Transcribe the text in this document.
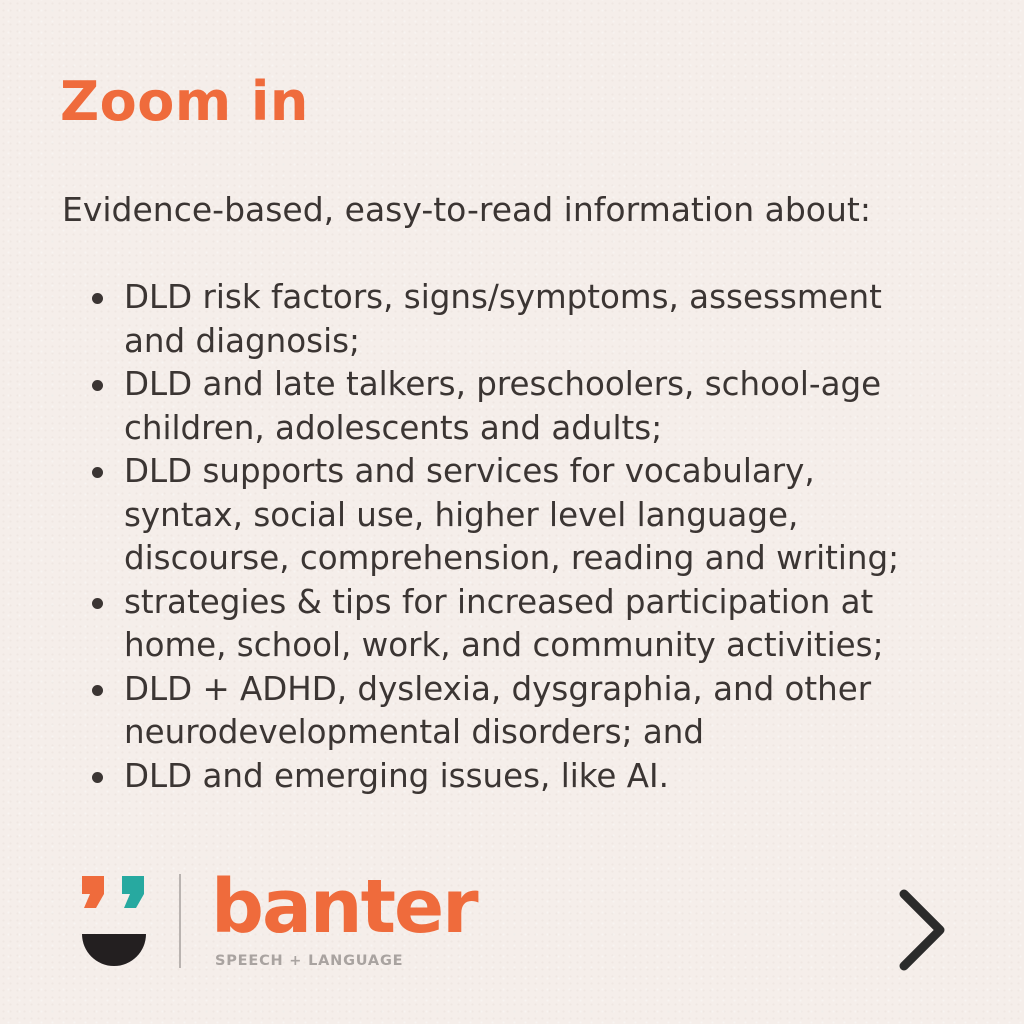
Zoom in

Evidence-based, easy-to-read information about:

DLD risk factors, signs/symptoms, assessment
and diagnosis;
DLD and late talkers, preschoolers, school-age
children, adolescents and adults;
DLD supports and services for vocabulary,
syntax, social use, higher level language,
discourse, comprehension, reading and writing;
strategies & tips for increased participation at
home, school, work, and community activities;
DLD + ADHD, dyslexia, dysgraphia, and other
neurodevelopmental disorders; and
DLD and emerging issues, like AI.
banter
SPEECH + LANGUAGE
